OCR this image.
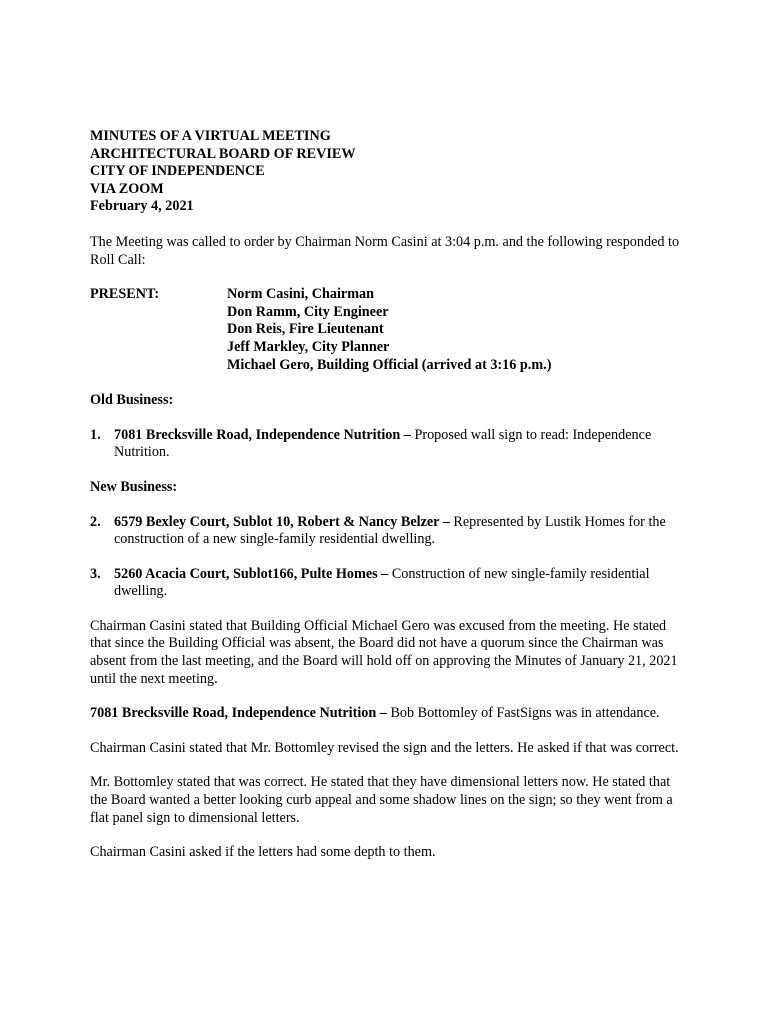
MINUTES OF A VIRTUAL MEETING
ARCHITECTURAL BOARD OF REVIEW
CITY OF INDEPENDENCE
VIA ZOOM
February 4, 2021

The Meeting was called to order by Chairman Norm Casini at 3:04 p.m. and the following responded to Roll Call:

PRESENT:	Norm Casini, Chairman
Don Ramm, City Engineer
Don Reis, Fire Lieutenant
Jeff Markley, City Planner
Michael Gero, Building Official (arrived at 3:16 p.m.)
Old Business:
1. 7081 Brecksville Road, Independence Nutrition – Proposed wall sign to read: Independence Nutrition.
New Business:
2. 6579 Bexley Court, Sublot 10, Robert & Nancy Belzer – Represented by Lustik Homes for the construction of a new single-family residential dwelling.
3. 5260 Acacia Court, Sublot166, Pulte Homes – Construction of new single-family residential dwelling.

Chairman Casini stated that Building Official Michael Gero was excused from the meeting. He stated that since the Building Official was absent, the Board did not have a quorum since the Chairman was absent from the last meeting, and the Board will hold off on approving the Minutes of January 21, 2021 until the next meeting.

7081 Brecksville Road, Independence Nutrition – Bob Bottomley of FastSigns was in attendance.

Chairman Casini stated that Mr. Bottomley revised the sign and the letters. He asked if that was correct.

Mr. Bottomley stated that was correct. He stated that they have dimensional letters now. He stated that the Board wanted a better looking curb appeal and some shadow lines on the sign; so they went from a flat panel sign to dimensional letters.

Chairman Casini asked if the letters had some depth to them.
